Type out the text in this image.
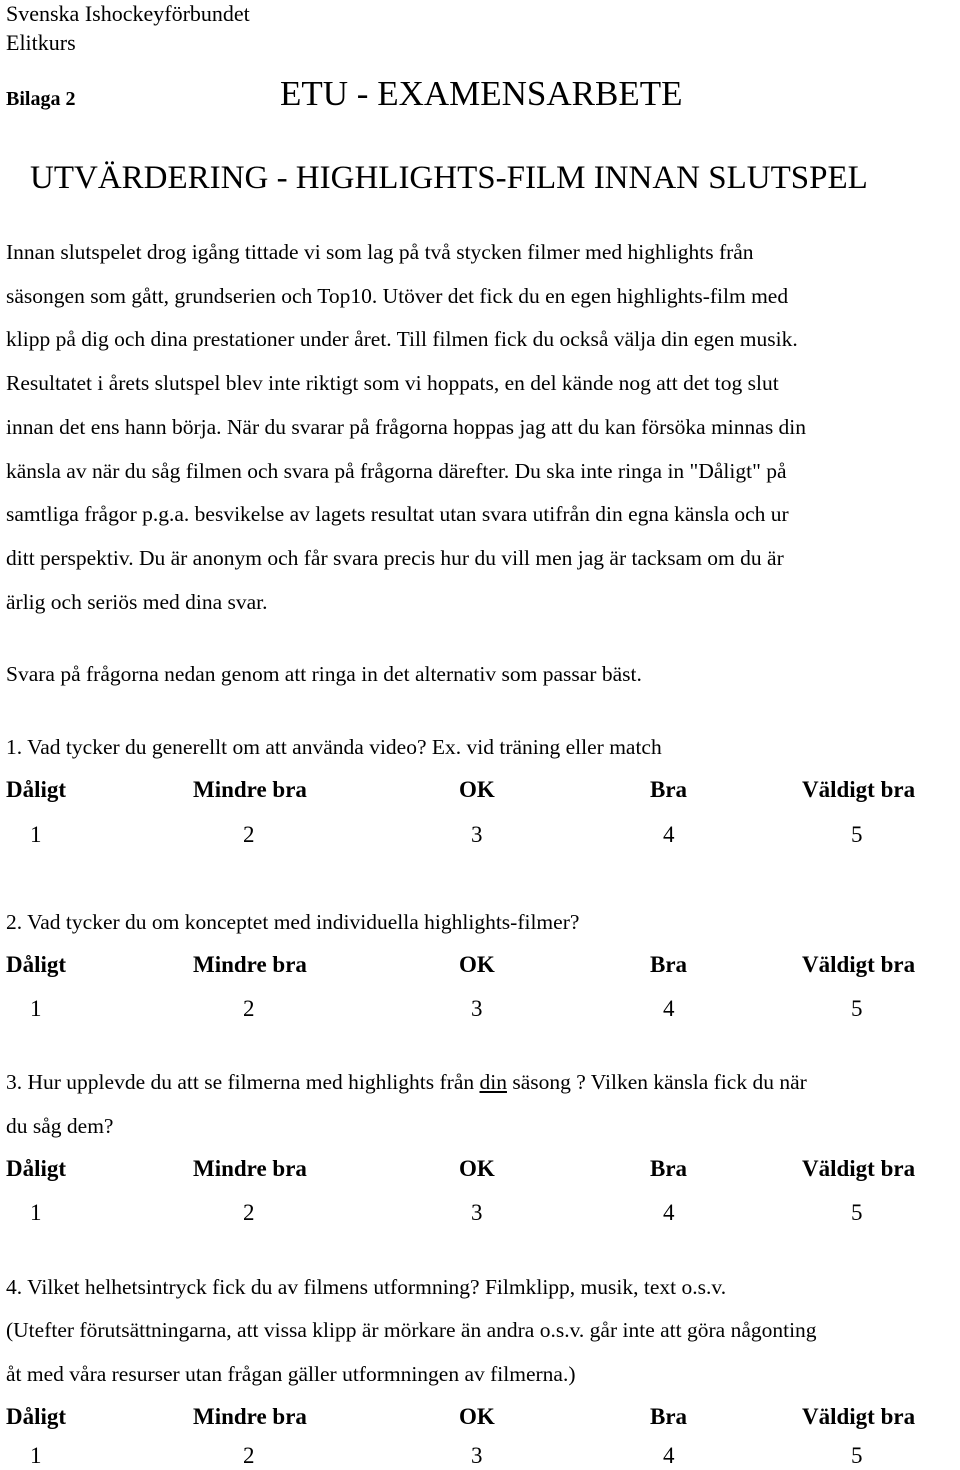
Svenska Ishockeyförbundet
Elitkurs
Bilaga 2	ETU - EXAMENSARBETE
UTVÄRDERING - HIGHLIGHTS-FILM INNAN SLUTSPEL
Innan slutspelet drog igång tittade vi som lag på två stycken filmer med highlights från
säsongen som gått, grundserien och Top10. Utöver det fick du en egen highlights-film med
klipp på dig och dina prestationer under året. Till filmen fick du också välja din egen musik.
Resultatet i årets slutspel blev inte riktigt som vi hoppats, en del kände nog att det tog slut
innan det ens hann börja. När du svarar på frågorna hoppas jag att du kan försöka minnas din
känsla av när du såg filmen och svara på frågorna därefter. Du ska inte ringa in "Dåligt" på
samtliga frågor p.g.a. besvikelse av lagets resultat utan svara utifrån din egna känsla och ur
ditt perspektiv. Du är anonym och får svara precis hur du vill men jag är tacksam om du är
ärlig och seriös med dina svar.
Svara på frågorna nedan genom att ringa in det alternativ som passar bäst.
1. Vad tycker du generellt om att använda video? Ex. vid träning eller match
Dåligt	Mindre bra	OK	Bra	Väldigt bra
1	2	3	4	5
2. Vad tycker du om konceptet med individuella highlights-filmer?
Dåligt	Mindre bra	OK	Bra	Väldigt bra
1	2	3	4	5
3. Hur upplevde du att se filmerna med highlights från din säsong ? Vilken känsla fick du när
du såg dem?
Dåligt	Mindre bra	OK	Bra	Väldigt bra
1	2	3	4	5
4. Vilket helhetsintryck fick du av filmens utformning? Filmklipp, musik, text o.s.v.
(Utefter förutsättningarna, att vissa klipp är mörkare än andra o.s.v. går inte att göra någonting
åt med våra resurser utan frågan gäller utformningen av filmerna.)
Dåligt	Mindre bra	OK	Bra	Väldigt bra
1	2	3	4	5
